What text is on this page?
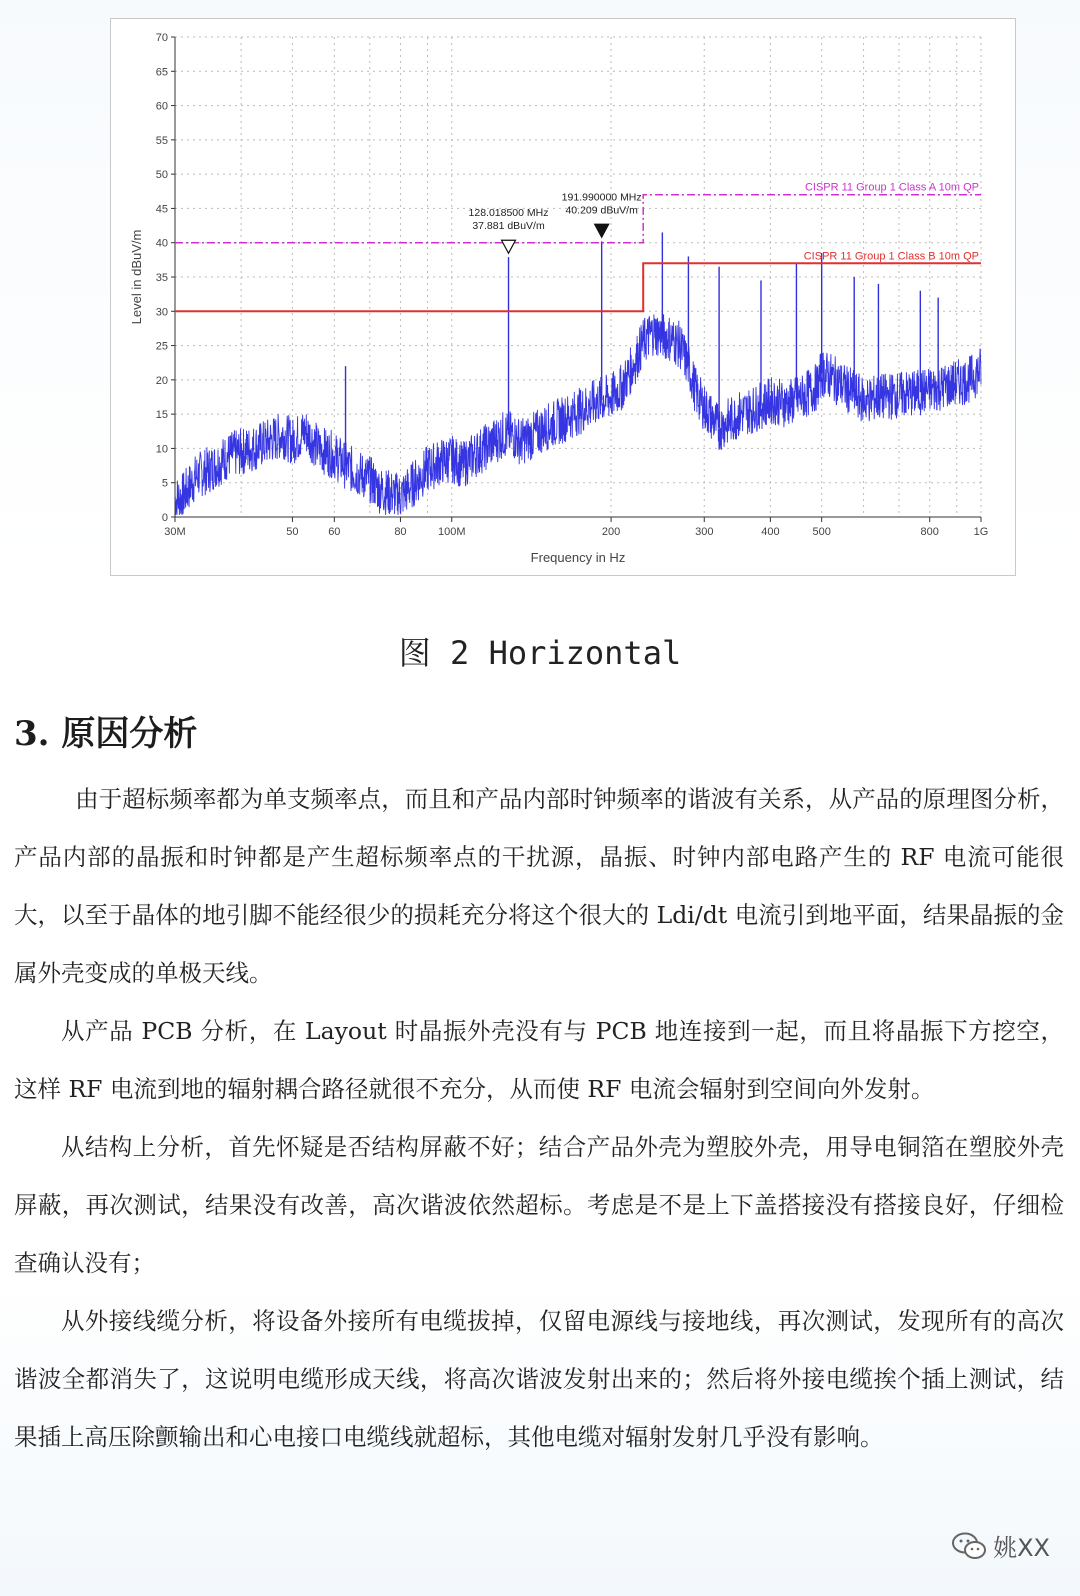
0
5
10
15
20
25
30
35
40
45
50
55
60
65
70
30M	50	60	80	100M	200	300	400	500	800	1G
Frequency in Hz
Level in dBuV/m
CISPR 11 Group 1 Class A 10m QP
CISPR 11 Group 1 Class B 10m QP
128.018500 MHz
37.881 dBuV/m
191.990000 MHz
40.209 dBuV/m
图 2 Horizontal
3. 原因分析

由于超标频率都为单支频率点，而且和产品内部时钟频率的谐波有关系，从产品的原理图分析，产品内部的晶振和时钟都是产生超标频率点的干扰源，晶振、时钟内部电路产生的 RF 电流可能很大，以至于晶体的地引脚不能经很少的损耗充分将这个很大的 Ldi/dt 电流引到地平面，结果晶振的金属外壳变成的单极天线。

从产品 PCB 分析，在 Layout 时晶振外壳没有与 PCB 地连接到一起，而且将晶振下方挖空，这样 RF 电流到地的辐射耦合路径就很不充分，从而使 RF 电流会辐射到空间向外发射。

从结构上分析，首先怀疑是否结构屏蔽不好；结合产品外壳为塑胶外壳，用导电铜箔在塑胶外壳屏蔽，再次测试，结果没有改善，高次谐波依然超标。考虑是不是上下盖搭接没有搭接良好，仔细检查确认没有；

从外接线缆分析，将设备外接所有电缆拔掉，仅留电源线与接地线，再次测试，发现所有的高次谐波全都消失了，这说明电缆形成天线，将高次谐波发射出来的；然后将外接电缆挨个插上测试，结果插上高压除颤输出和心电接口电缆线就超标，其他电缆对辐射发射几乎没有影响。

姚XX
